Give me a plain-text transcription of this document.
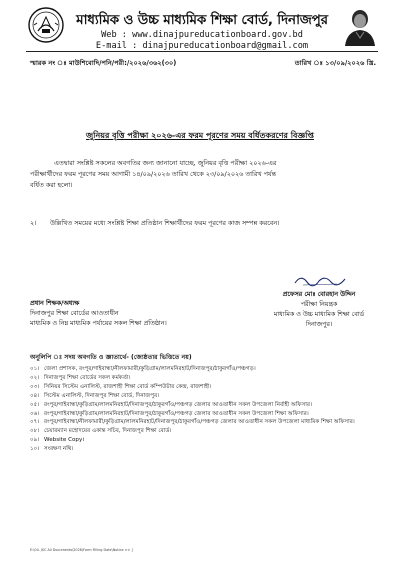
মাধ্যমিক ও উচ্চ মাধ্যমিক শিক্ষা বোর্ড, দিনাজপুর
Web : www.dinajpureducationboard.gov.bd
E-mail : dinajpureducationboard@gmail.com
স্মারক নং ঃ মাউশিবোদি/পনি/পরী:/২০২৬/৩৬২(৩০)	তারিখ ঃ ১৩/০৯/২০২৬ খ্রি.
জুনিয়র বৃত্তি পরীক্ষা ২০২৬-এর ফরম পূরণের সময় বর্ধিতকরণের বিজ্ঞপ্তি
এতদ্বারা সংশ্লিষ্ট সকলের অবগতির জন্য জানানো যাচ্ছে, জুনিয়র বৃত্তি পরীক্ষা ২০২৬-এর
পরীক্ষার্থীদের ফরম পূরণের সময় আগামী ১৪/০৯/২০২৬ তারিখ থেকে ২৩/০৯/২০২৬ তারিখ পর্যন্ত
বর্ধিত করা হলো।
২। উল্লিখিত সময়ের মধ্যে সংশ্লিষ্ট শিক্ষা প্রতিষ্ঠান শিক্ষার্থীদের ফরম পূরণের কাজ সম্পন্ন করবেন।
প্রধান শিক্ষক/অধ্যক্ষ
দিনাজপুর শিক্ষা বোর্ডের আওতাধীন
মাধ্যমিক ও নিম্ন মাধ্যমিক পর্যায়ের সকল শিক্ষা প্রতিষ্ঠান।
প্রফেসর মোঃ বোরহান উদ্দিন
পরীক্ষা নিয়ন্ত্রক
মাধ্যমিক ও উচ্চ মাধ্যমিক শিক্ষা বোর্ড
দিনাজপুর।
অনুলিপি ঃ সদয় অবগতি ও জ্ঞাতার্থে- (জ্যেষ্ঠতার ভিত্তিতে নয়)
০১। জেলা প্রশাসক, রংপুর/গাইবান্ধা/নীলফামারী/কুড়িগ্রাম/লালমনিরহাট/দিনাজপুর/ঠাকুরগাঁও/পঞ্চগড়।
০২। দিনাজপুর শিক্ষা বোর্ডের সকল কর্মকর্তা।
০৩। সিনিয়র সিস্টেম এনালিস্ট, রাজশাহী শিক্ষা বোর্ড কম্পিউটার কেন্দ্র, রাজশাহী।
০৪। সিস্টেম এনালিস্ট, দিনাজপুর শিক্ষা বোর্ড, দিনাজপুর।
০৫। রংপুর/গাইবান্ধা/কুড়িগ্রাম/লালমনিরহাট/দিনাজপুর/ঠাকুরগাঁও/পঞ্চগড় জেলার আওতাধীন সকল উপজেলা নির্বাহী অফিসার।
০৬। রংপুর/গাইবান্ধা/কুড়িগ্রাম/লালমনিরহাট/দিনাজপুর/ঠাকুরগাঁও/পঞ্চগড় জেলার আওতাধীন সকল উপজেলা শিক্ষা অফিসার।
০৭। রংপুর/গাইবান্ধা/নীলফামারী/কুড়িগ্রাম/লালমনিরহাট/দিনাজপুর/ঠাকুরগাঁও/পঞ্চগড় জেলার আওতাধীন সকল উপজেলা মাধ্যমিক শিক্ষা অফিসার।
০৮। চেয়ারম্যান মহোদয়ের একান্ত সচিব, দিনাজপুর শিক্ষা বোর্ড।
০৯। Website Copy।
১০। সংরক্ষণ নথি।
E:\04. JSC All Documents\2026\Form Filling Date\Notice >> ]
